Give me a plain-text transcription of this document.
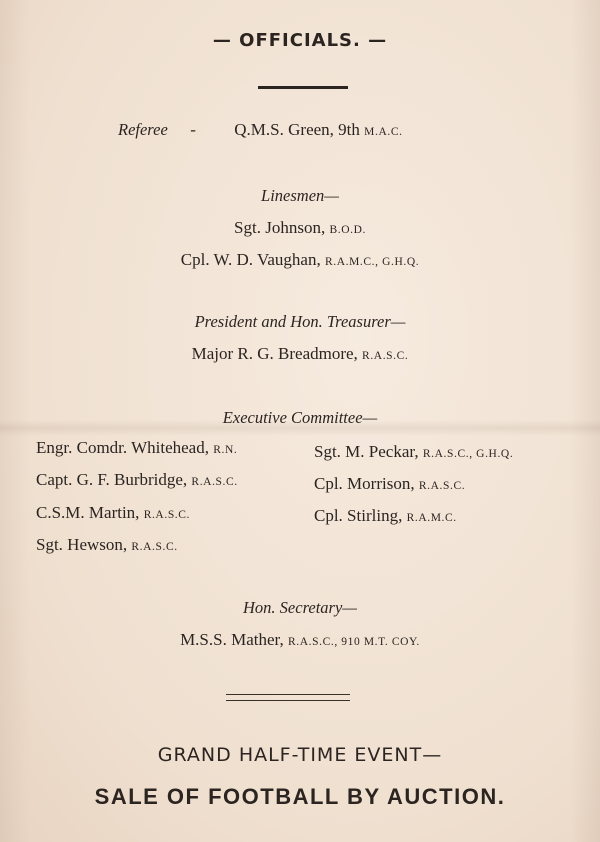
— OFFICIALS. —
Referee - Q.M.S. Green, 9th M.A.C.
Linesmen—
Sgt. Johnson, B.O.D.
Cpl. W. D. Vaughan, R.A.M.C., G.H.Q.
President and Hon. Treasurer—
Major R. G. Breadmore, R.A.S.C.
Executive Committee—
Engr. Comdr. Whitehead, R.N.
Capt. G. F. Burbridge, R.A.S.C.
C.S.M. Martin, R.A.S.C.
Sgt. Hewson, R.A.S.C.
Sgt. M. Peckar, R.A.S.C., G.H.Q.
Cpl. Morrison, R.A.S.C.
Cpl. Stirling, R.A.M.C.
Hon. Secretary—
M.S.S. Mather, R.A.S.C., 910 M.T. COY.
GRAND HALF-TIME EVENT—
SALE OF FOOTBALL BY AUCTION.
